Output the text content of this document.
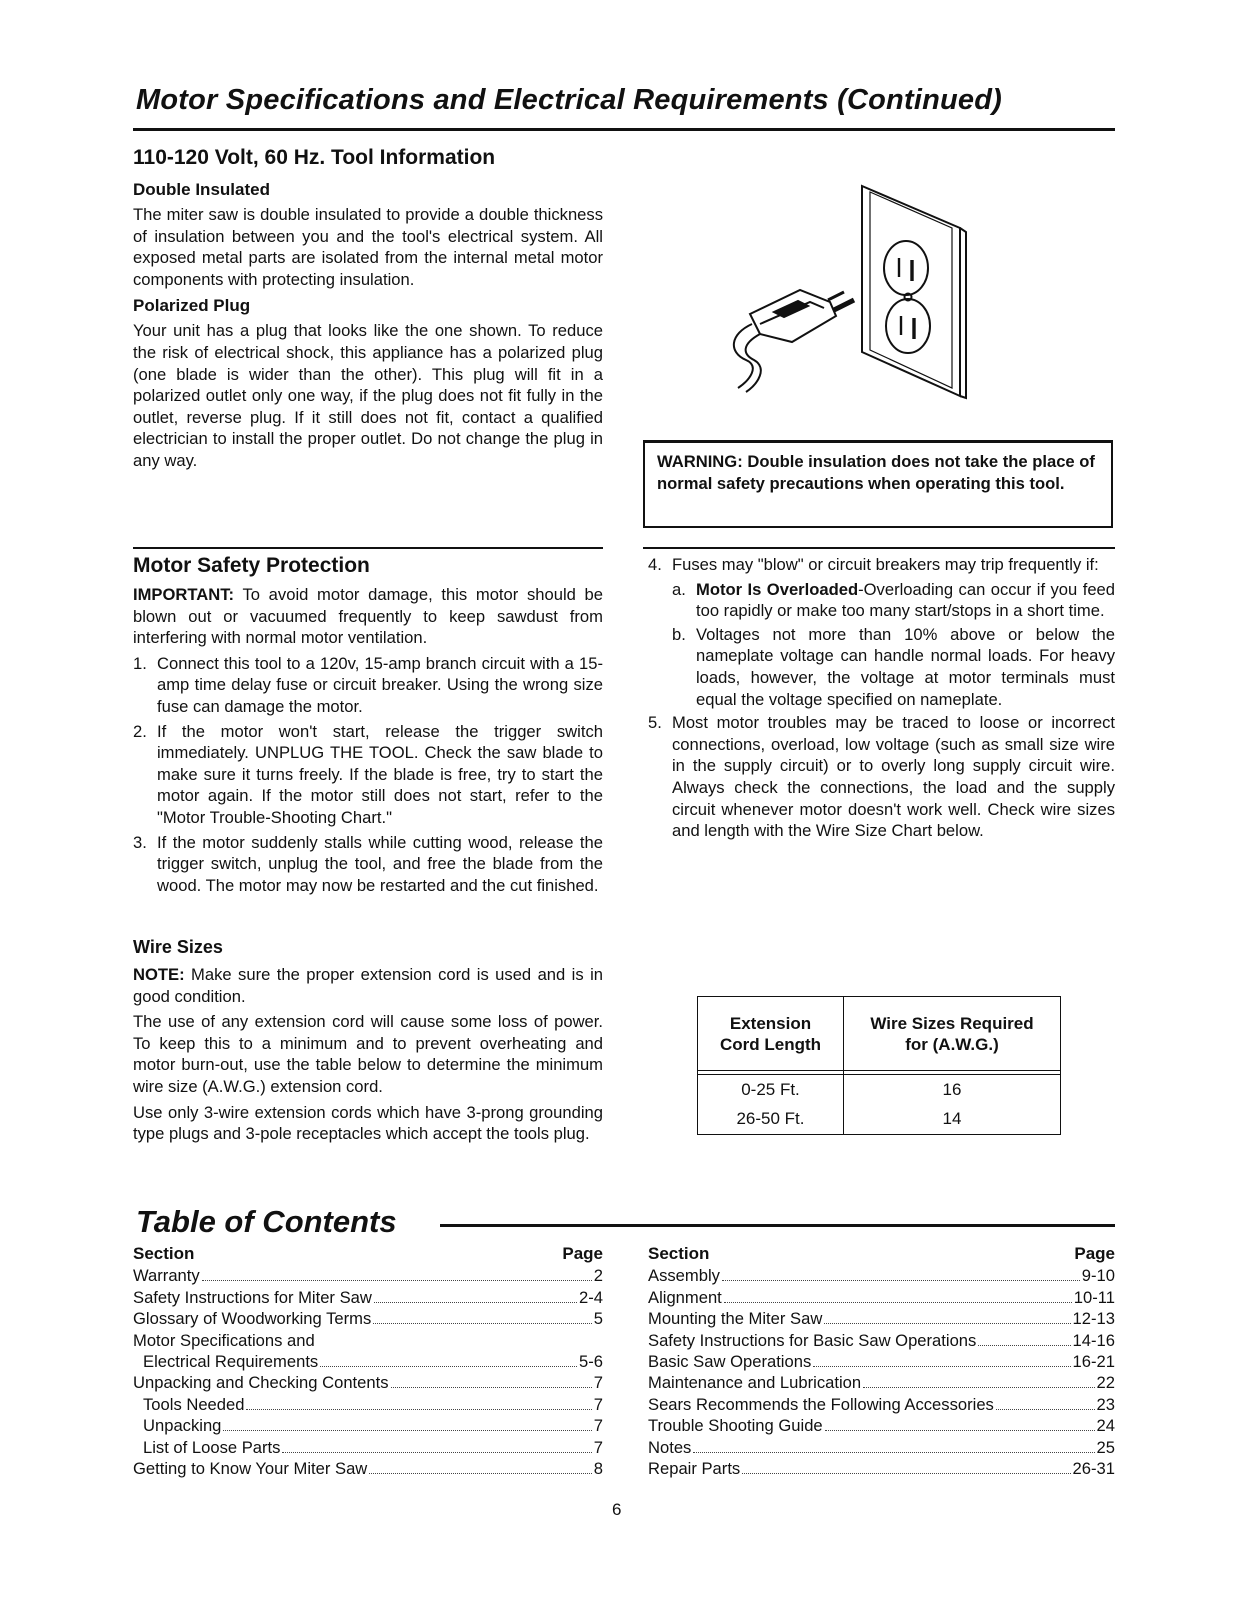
Motor Specifications and Electrical Requirements (Continued)
110-120 Volt, 60 Hz. Tool Information
Double Insulated

The miter saw is double insulated to provide a double thickness of insulation between you and the tool's electrical system. All exposed metal parts are isolated from the internal metal motor components with protecting insulation.

Polarized Plug

Your unit has a plug that looks like the one shown. To reduce the risk of electrical shock, this appliance has a polarized plug (one blade is wider than the other). This plug will fit in a polarized outlet only one way, if the plug does not fit fully in the outlet, reverse plug. If it still does not fit, contact a qualified electrician to install the proper outlet. Do not change the plug in any way.	WARNING: Double insulation does not take the place of normal safety precautions when operating this tool.
Motor Safety Protection

IMPORTANT: To avoid motor damage, this motor should be blown out or vacuumed frequently to keep sawdust from interfering with normal motor ventilation.

1. Connect this tool to a 120v, 15-amp branch circuit with a 15-amp time delay fuse or circuit breaker. Using the wrong size fuse can damage the motor.
2. If the motor won't start, release the trigger switch immediately. UNPLUG THE TOOL. Check the saw blade to make sure it turns freely. If the blade is free, try to start the motor again. If the motor still does not start, refer to the "Motor Trouble-Shooting Chart."
3. If the motor suddenly stalls while cutting wood, release the trigger switch, unplug the tool, and free the blade from the wood. The motor may now be restarted and the cut finished.
Wire Sizes

NOTE: Make sure the proper extension cord is used and is in good condition.

The use of any extension cord will cause some loss of power. To keep this to a minimum and to prevent overheating and motor burn-out, use the table below to determine the minimum wire size (A.W.G.) extension cord.

Use only 3-wire extension cords which have 3-prong grounding type plugs and 3-pole receptacles which accept the tools plug.

4. Fuses may "blow" or circuit breakers may trip frequently if:
a. Motor Is Overloaded-Overloading can occur if you feed too rapidly or make too many start/stops in a short time.
b. Voltages not more than 10% above or below the nameplate voltage can handle normal loads. For heavy loads, however, the voltage at motor terminals must equal the voltage specified on nameplate.
5. Most motor troubles may be traced to loose or incorrect connections, overload, low voltage (such as small size wire in the supply circuit) or to overly long supply circuit wire. Always check the connections, the load and the supply circuit whenever motor doesn't work well. Check wire sizes and length with the Wire Size Chart below.
Extension
Cord Length	Wire Sizes Required
for (A.W.G.)

0-25 Ft.	16
26-50 Ft.	14
Table of Contents
Section	Page
Warranty	2
Safety Instructions for Miter Saw	2-4
Glossary of Woodworking Terms	5
Motor Specifications and
Electrical Requirements	5-6
Unpacking and Checking Contents	7
Tools Needed	7
Unpacking	7
List of Loose Parts	7
Getting to Know Your Miter Saw	8
Section	Page
Assembly	9-10
Alignment	10-11
Mounting the Miter Saw	12-13
Safety Instructions for Basic Saw Operations	14-16
Basic Saw Operations	16-21
Maintenance and Lubrication	22
Sears Recommends the Following Accessories	23
Trouble Shooting Guide	24
Notes	25
Repair Parts	26-31
6
